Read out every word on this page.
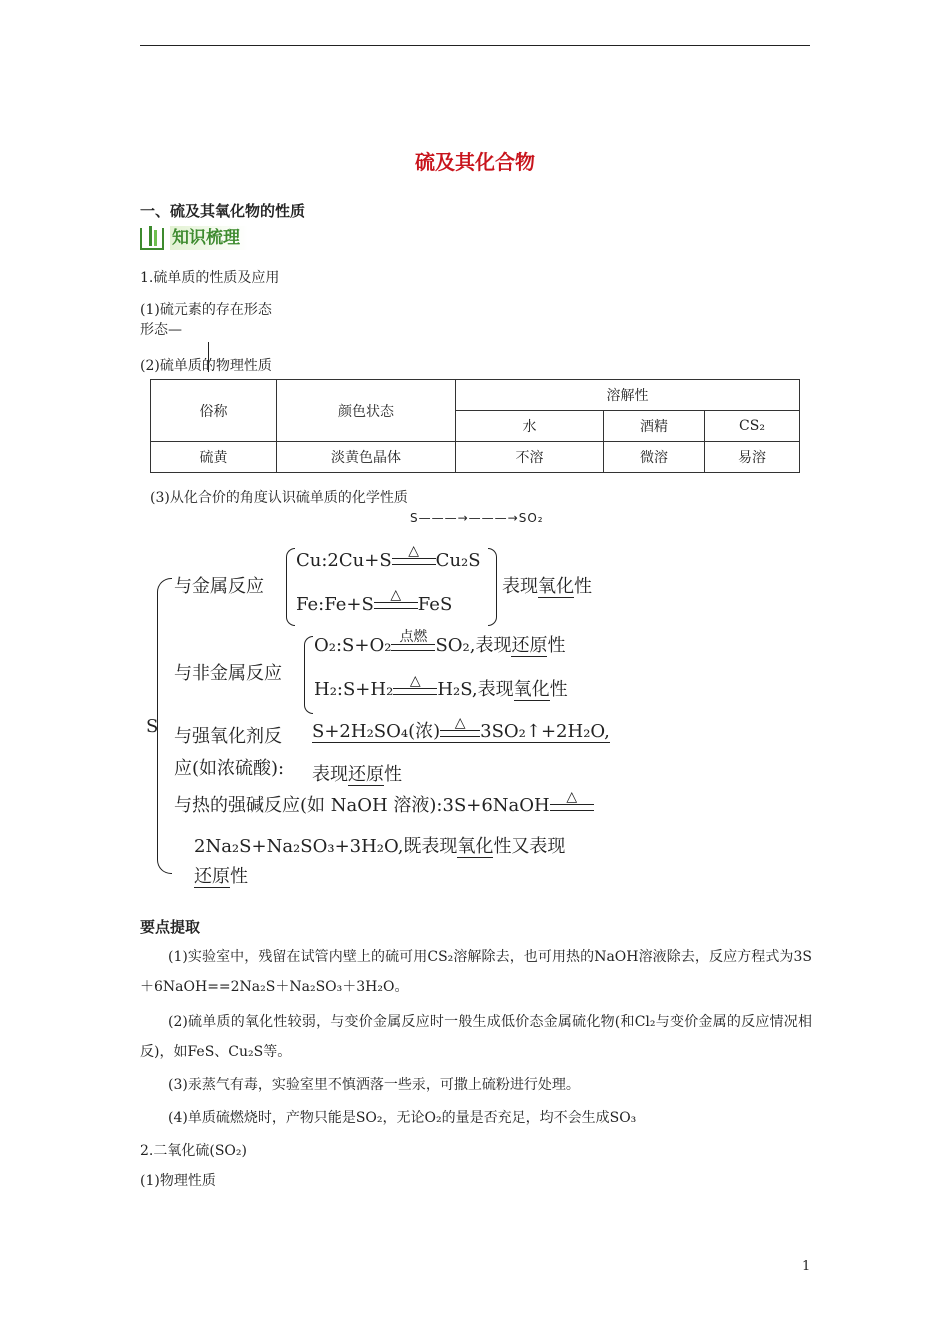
硫及其化合物
一、硫及其氧化物的性质
知识梳理
1.硫单质的性质及应用
(1)硫元素的存在形态
形态—
(2)硫单质的物理性质
俗称	颜色状态	溶解性		
		水	酒精	CS₂
硫黄	淡黄色晶体	不溶	微溶	易溶
(3)从化合价的角度认识硫单质的化学性质
S———→———→SO₂
S
与金属反应
Cu:2Cu+S	△ Cu₂S
Fe:Fe+S	△ FeS
表现氧化性
与非金属反应
O₂:S+O₂ 点燃 SO₂,表现还原性
H₂:S+H₂	△ H₂S,表现氧化性
与强氧化剂反
应(如浓硫酸):
S+2H₂SO₄(浓)	△ 3SO₂↑+2H₂O,
表现还原性
与热的强碱反应(如 NaOH 溶液):3S+6NaOH	△
2Na₂S+Na₂SO₃+3H₂O,既表现氧化性又表现
还原性
要点提取
(1)实验室中，残留在试管内壁上的硫可用CS₂溶解除去，也可用热的NaOH溶液除去，反应方程式为3S＋6NaOH==2Na₂S＋Na₂SO₃＋3H₂O。
(2)硫单质的氧化性较弱，与变价金属反应时一般生成低价态金属硫化物(和Cl₂与变价金属的反应情况相反)，如FeS、Cu₂S等。
(3)汞蒸气有毒，实验室里不慎洒落一些汞，可撒上硫粉进行处理。
(4)单质硫燃烧时，产物只能是SO₂，无论O₂的量是否充足，均不会生成SO₃
2.二氧化硫(SO₂)
(1)物理性质
1
